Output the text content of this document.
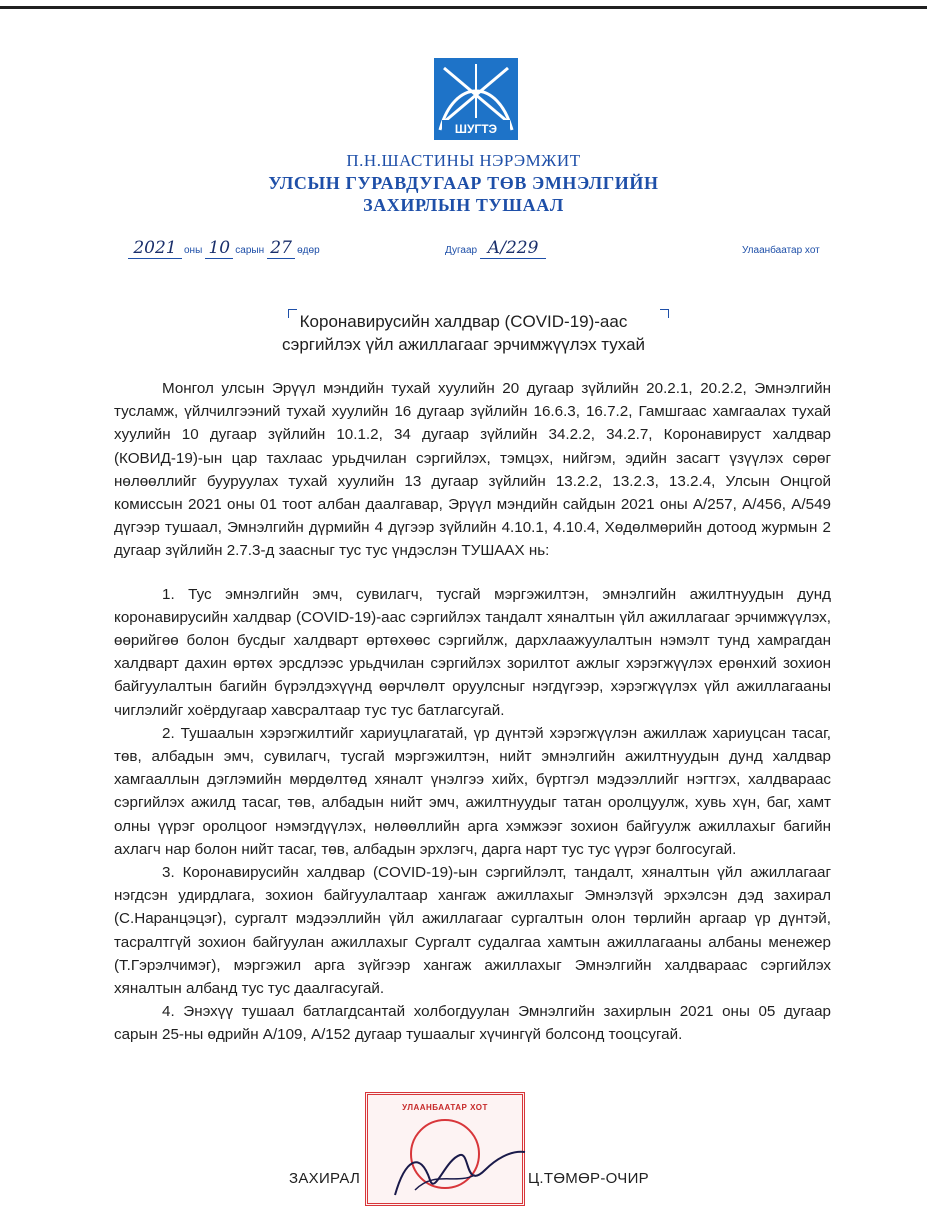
ШУГТЭ
П.Н.ШАСТИНЫ НЭРЭМЖИТ
УЛСЫН ГУРАВДУГААР ТӨВ ЭМНЭЛГИЙН
ЗАХИРЛЫН ТУШААЛ
2021 оны 10 сарын 27 өдөр	Дугаар А/229	Улаанбаатар хот
Коронавирусийн халдвар (COVID-19)-аас
сэргийлэх үйл ажиллагааг эрчимжүүлэх тухай

Монгол улсын Эрүүл мэндийн тухай хуулийн 20 дугаар зүйлийн 20.2.1, 20.2.2, Эмнэлгийн тусламж, үйлчилгээний тухай хуулийн 16 дугаар зүйлийн 16.6.3, 16.7.2, Гамшгаас хамгаалах тухай хуулийн 10 дугаар зүйлийн 10.1.2, 34 дугаар зүйлийн 34.2.2, 34.2.7, Коронавируст халдвар (КОВИД-19)-ын цар тахлаас урьдчилан сэргийлэх, тэмцэх, нийгэм, эдийн засагт үзүүлэх сөрөг нөлөөллийг бууруулах тухай хуулийн 13 дугаар зүйлийн 13.2.2, 13.2.3, 13.2.4, Улсын Онцгой комиссын 2021 оны 01 тоот албан даалгавар, Эрүүл мэндийн сайдын 2021 оны А/257, А/456, А/549 дүгээр тушаал, Эмнэлгийн дүрмийн 4 дүгээр зүйлийн 4.10.1, 4.10.4, Хөдөлмөрийн дотоод журмын 2 дугаар зүйлийн 2.7.3-д заасныг тус тус үндэслэн ТУШААХ нь:

1. Тус эмнэлгийн эмч, сувилагч, тусгай мэргэжилтэн, эмнэлгийн ажилтнуудын дунд коронавирусийн халдвар (COVID-19)-аас сэргийлэх тандалт хяналтын үйл ажиллагааг эрчимжүүлэх, өөрийгөө болон бусдыг халдварт өртөхөөс сэргийлж, дархлаажуулалтын нэмэлт тунд хамрагдан халдварт дахин өртөх эрсдлээс урьдчилан сэргийлэх зорилтот ажлыг хэрэгжүүлэх ерөнхий зохион байгуулалтын багийн бүрэлдэхүүнд өөрчлөлт оруулсныг нэгдүгээр, хэрэгжүүлэх үйл ажиллагааны чиглэлийг хоёрдугаар хавсралтаар тус тус батлагсугай.

2. Тушаалын хэрэгжилтийг хариуцлагатай, үр дүнтэй хэрэгжүүлэн ажиллаж хариуцсан тасаг, төв, албадын эмч, сувилагч, тусгай мэргэжилтэн, нийт эмнэлгийн ажилтнуудын дунд халдвар хамгааллын дэглэмийн мөрдөлтөд хяналт үнэлгээ хийх, бүртгэл мэдээллийг нэгтгэх, халдвараас сэргийлэх ажилд тасаг, төв, албадын нийт эмч, ажилтнуудыг татан оролцуулж, хувь хүн, баг, хамт олны үүрэг оролцоог нэмэгдүүлэх, нөлөөллийн арга хэмжээг зохион байгуулж ажиллахыг багийн ахлагч нар болон нийт тасаг, төв, албадын эрхлэгч, дарга нарт тус тус үүрэг болгосугай.

3. Коронавирусийн халдвар (COVID-19)-ын сэргийлэлт, тандалт, хяналтын үйл ажиллагааг нэгдсэн удирдлага, зохион байгуулалтаар хангаж ажиллахыг Эмнэлзүй эрхэлсэн дэд захирал (С.Наранцэцэг), сургалт мэдээллийн үйл ажиллагааг сургалтын олон төрлийн аргаар үр дүнтэй, тасралтгүй зохион байгуулан ажиллахыг Сургалт судалгаа хамтын ажиллагааны албаны менежер (Т.Гэрэлчимэг), мэргэжил арга зүйгээр хангаж ажиллахыг Эмнэлгийн халдвараас сэргийлэх хяналтын албанд тус тус даалгасугай.

4. Энэхүү тушаал батлагдсантай холбогдуулан Эмнэлгийн захирлын 2021 оны 05 дугаар сарын 25-ны өдрийн А/109, А/152 дугаар тушаалыг хүчингүй болсонд тооцсугай.

УЛААНБААТАР ХОТ
ЗАХИРАЛ	Ц.ТӨМӨР-ОЧИР
